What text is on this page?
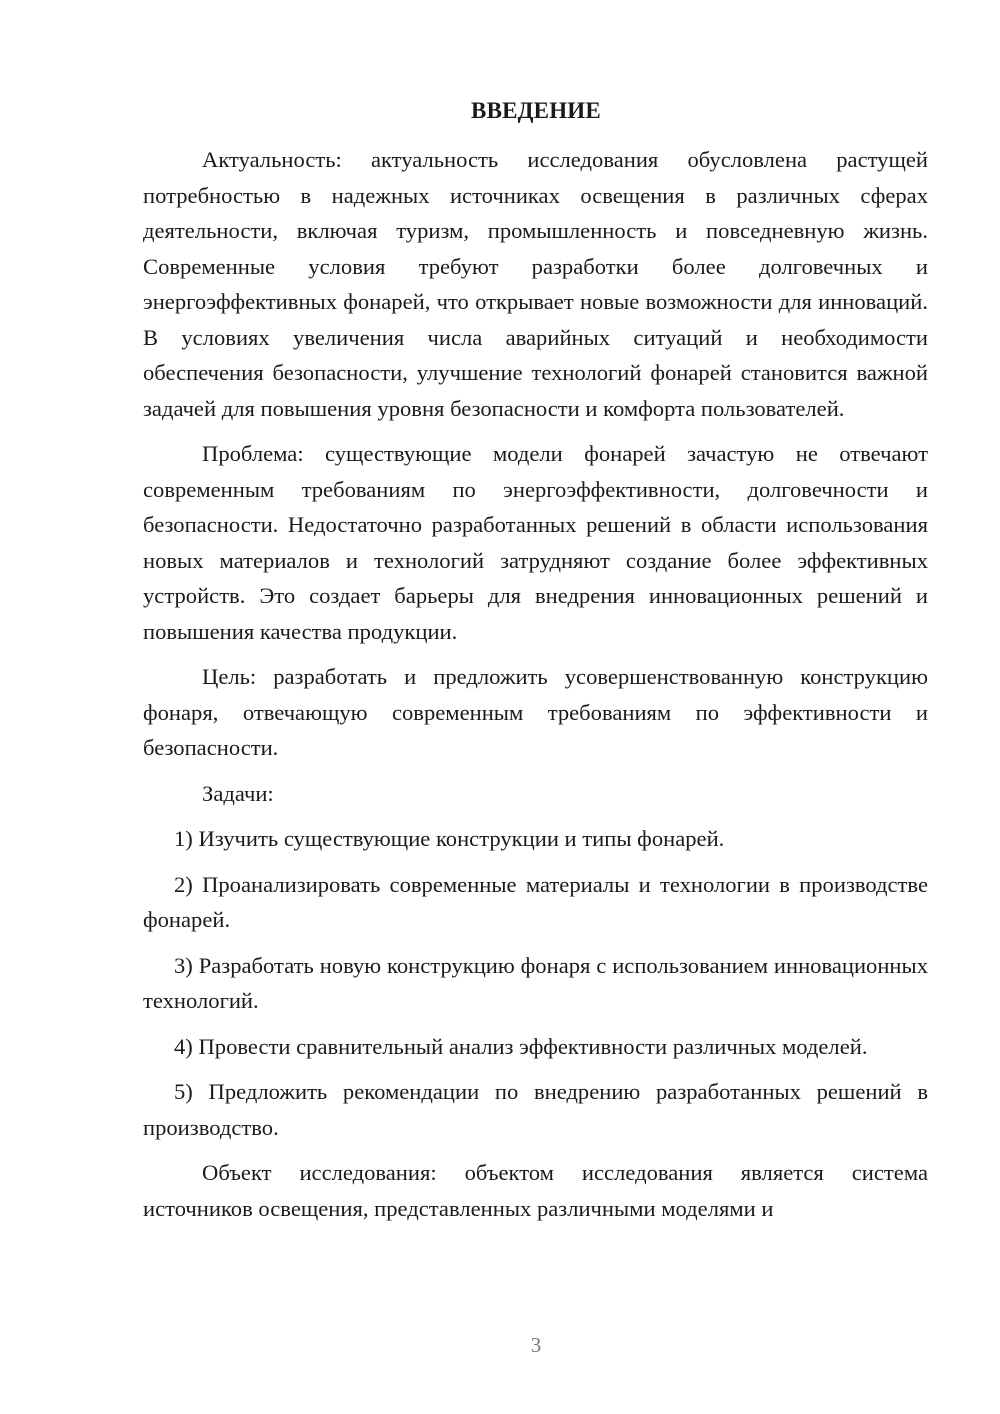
ВВЕДЕНИЕ

Актуальность: актуальность исследования обусловлена растущей потребностью в надежных источниках освещения в различных сферах деятельности, включая туризм, промышленность и повседневную жизнь. Современные условия требуют разработки более долговечных и энергоэффективных фонарей, что открывает новые возможности для инноваций. В условиях увеличения числа аварийных ситуаций и необходимости обеспечения безопасности, улучшение технологий фонарей становится важной задачей для повышения уровня безопасности и комфорта пользователей.

Проблема: существующие модели фонарей зачастую не отвечают современным требованиям по энергоэффективности, долговечности и безопасности. Недостаточно разработанных решений в области использования новых материалов и технологий затрудняют создание более эффективных устройств. Это создает барьеры для внедрения инновационных решений и повышения качества продукции.

Цель: разработать и предложить усовершенствованную конструкцию фонаря, отвечающую современным требованиям по эффективности и безопасности.

Задачи:

1) Изучить существующие конструкции и типы фонарей.

2) Проанализировать современные материалы и технологии в производстве фонарей.

3) Разработать новую конструкцию фонаря с использованием инновационных технологий.

4) Провести сравнительный анализ эффективности различных моделей.

5) Предложить рекомендации по внедрению разработанных решений в производство.

Объект исследования: объектом исследования является система источников освещения, представленных различными моделями и

3
